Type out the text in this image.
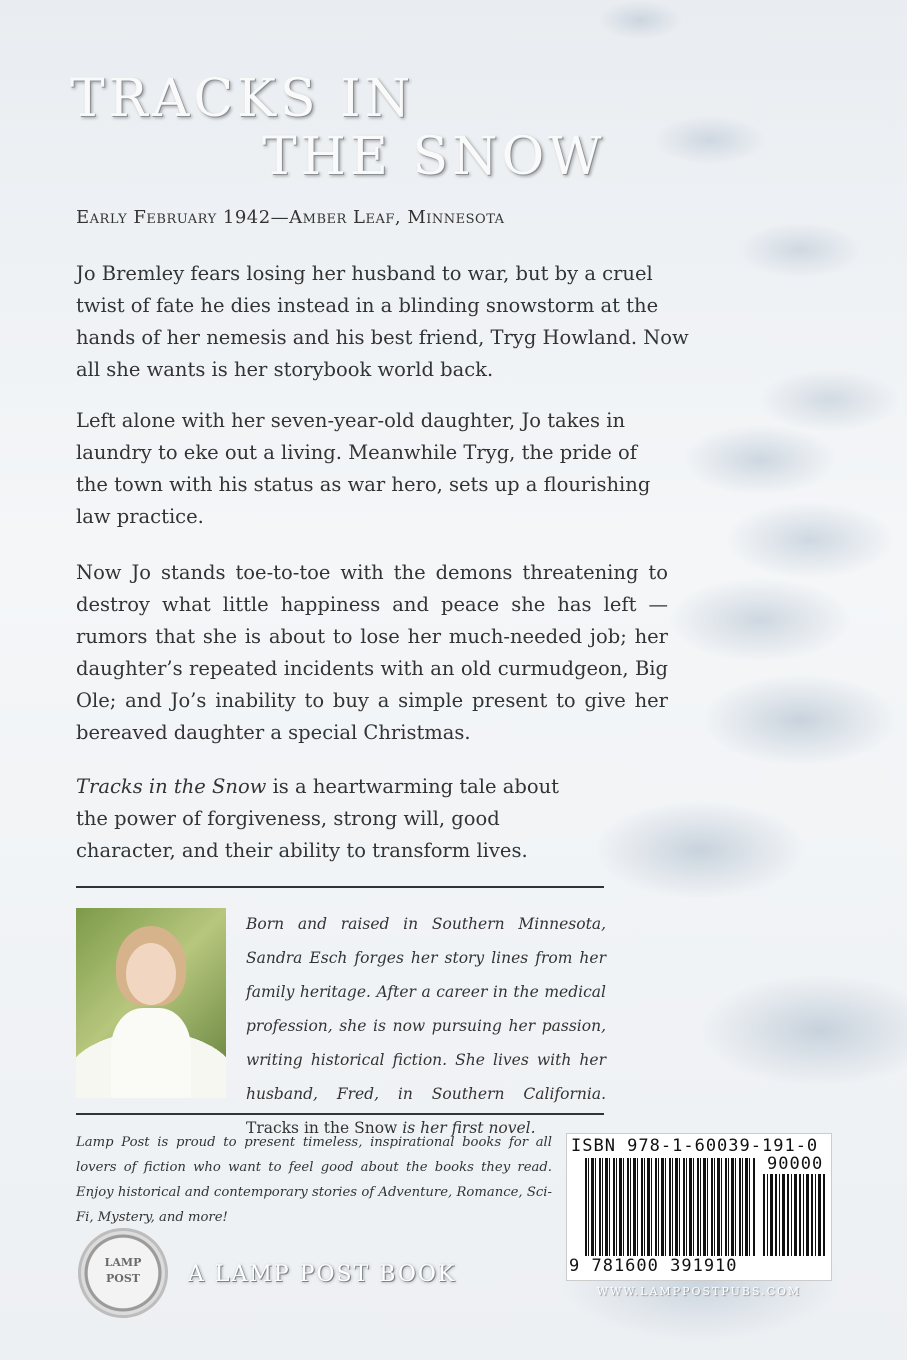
TRACKS IN
THE SNOW
Early February 1942—Amber Leaf, Minnesota
Jo Bremley fears losing her husband to war, but by a cruel twist of fate he dies instead in a blinding snowstorm at the hands of her nemesis and his best friend, Tryg Howland. Now all she wants is her storybook world back.
Left alone with her seven-year-old daughter, Jo takes in laundry to eke out a living. Meanwhile Tryg, the pride of the town with his status as war hero, sets up a flourishing law practice.
Now Jo stands toe-to-toe with the demons threatening to destroy what little happiness and peace she has left — rumors that she is about to lose her much-needed job; her daughter’s repeated incidents with an old curmudgeon, Big Ole; and Jo’s inability to buy a simple present to give her bereaved daughter a special Christmas.
Tracks in the Snow is a heartwarming tale about the power of forgiveness, strong will, good character, and their ability to transform lives.
Born and raised in Southern Minnesota, Sandra Esch forges her story lines from her family heritage. After a career in the medical profession, she is now pursuing her passion, writing historical fiction. She lives with her husband, Fred, in Southern California. Tracks in the Snow is her first novel.
Lamp Post is proud to present timeless, inspirational books for all lovers of fiction who want to feel good about the books they read. Enjoy historical and contemporary stories of Adventure, Romance, Sci-Fi, Mystery, and more!
LAMP
POST	A LAMP POST BOOK
ISBN 978-1-60039-191-0
90000
9 781600 391910
WWW.LAMPPOSTPUBS.COM
